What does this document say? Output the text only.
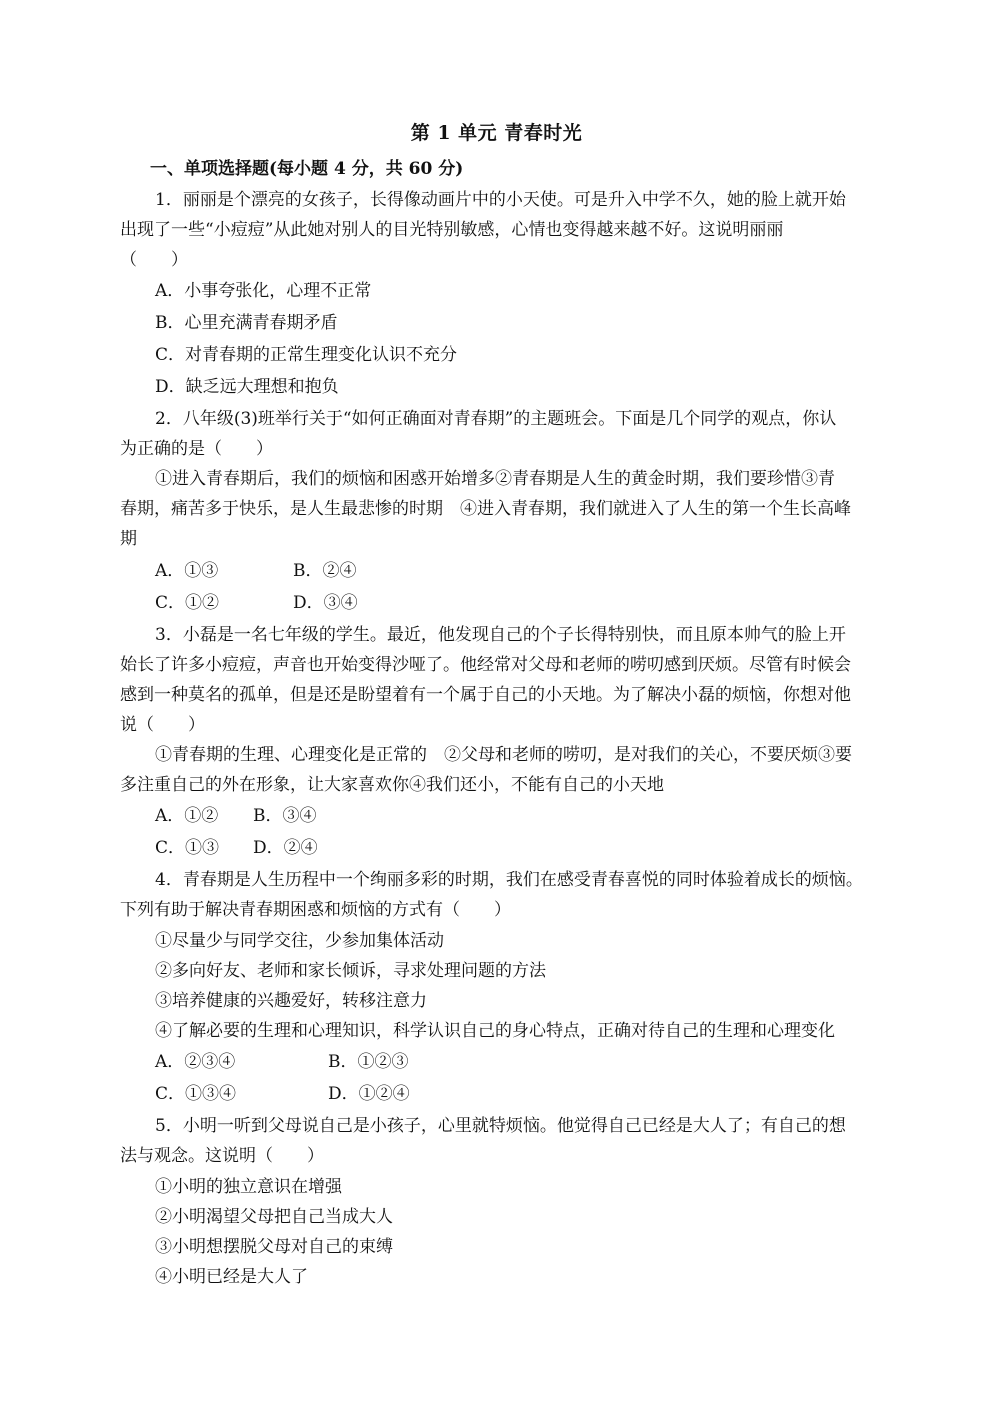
第 1 单元 青春时光
一、单项选择题(每小题 4 分，共 60 分)
1．丽丽是个漂亮的女孩子，长得像动画片中的小天使。可是升入中学不久，她的脸上就开始
出现了一些“小痘痘”从此她对别人的目光特别敏感，心情也变得越来越不好。这说明丽丽
（　　）
A．小事夸张化，心理不正常
B．心里充满青春期矛盾
C．对青春期的正常生理变化认识不充分
D．缺乏远大理想和抱负
2．八年级(3)班举行关于“如何正确面对青春期”的主题班会。下面是几个同学的观点，你认
为正确的是（　　）
①进入青春期后，我们的烦恼和困惑开始增多②青春期是人生的黄金时期，我们要珍惜③青
春期，痛苦多于快乐，是人生最悲惨的时期　④进入青春期，我们就进入了人生的第一个生长高峰
期
A．①③	B．②④
C．①②	D．③④
3．小磊是一名七年级的学生。最近，他发现自己的个子长得特别快，而且原本帅气的脸上开
始长了许多小痘痘，声音也开始变得沙哑了。他经常对父母和老师的唠叨感到厌烦。尽管有时候会
感到一种莫名的孤单，但是还是盼望着有一个属于自己的小天地。为了解决小磊的烦恼，你想对他
说（　　）
①青春期的生理、心理变化是正常的　②父母和老师的唠叨，是对我们的关心，不要厌烦③要
多注重自己的外在形象，让大家喜欢你④我们还小，不能有自己的小天地
A．①② B．③④
C．①③ D．②④
4．青春期是人生历程中一个绚丽多彩的时期，我们在感受青春喜悦的同时体验着成长的烦恼。
下列有助于解决青春期困惑和烦恼的方式有（　　）
①尽量少与同学交往，少参加集体活动
②多向好友、老师和家长倾诉，寻求处理问题的方法
③培养健康的兴趣爱好，转移注意力
④了解必要的生理和心理知识，科学认识自己的身心特点，正确对待自己的生理和心理变化
A．②③④	B．①②③
C．①③④	D．①②④
5．小明一听到父母说自己是小孩子，心里就特烦恼。他觉得自己已经是大人了；有自己的想
法与观念。这说明（　　）
①小明的独立意识在增强
②小明渴望父母把自己当成大人
③小明想摆脱父母对自己的束缚
④小明已经是大人了
